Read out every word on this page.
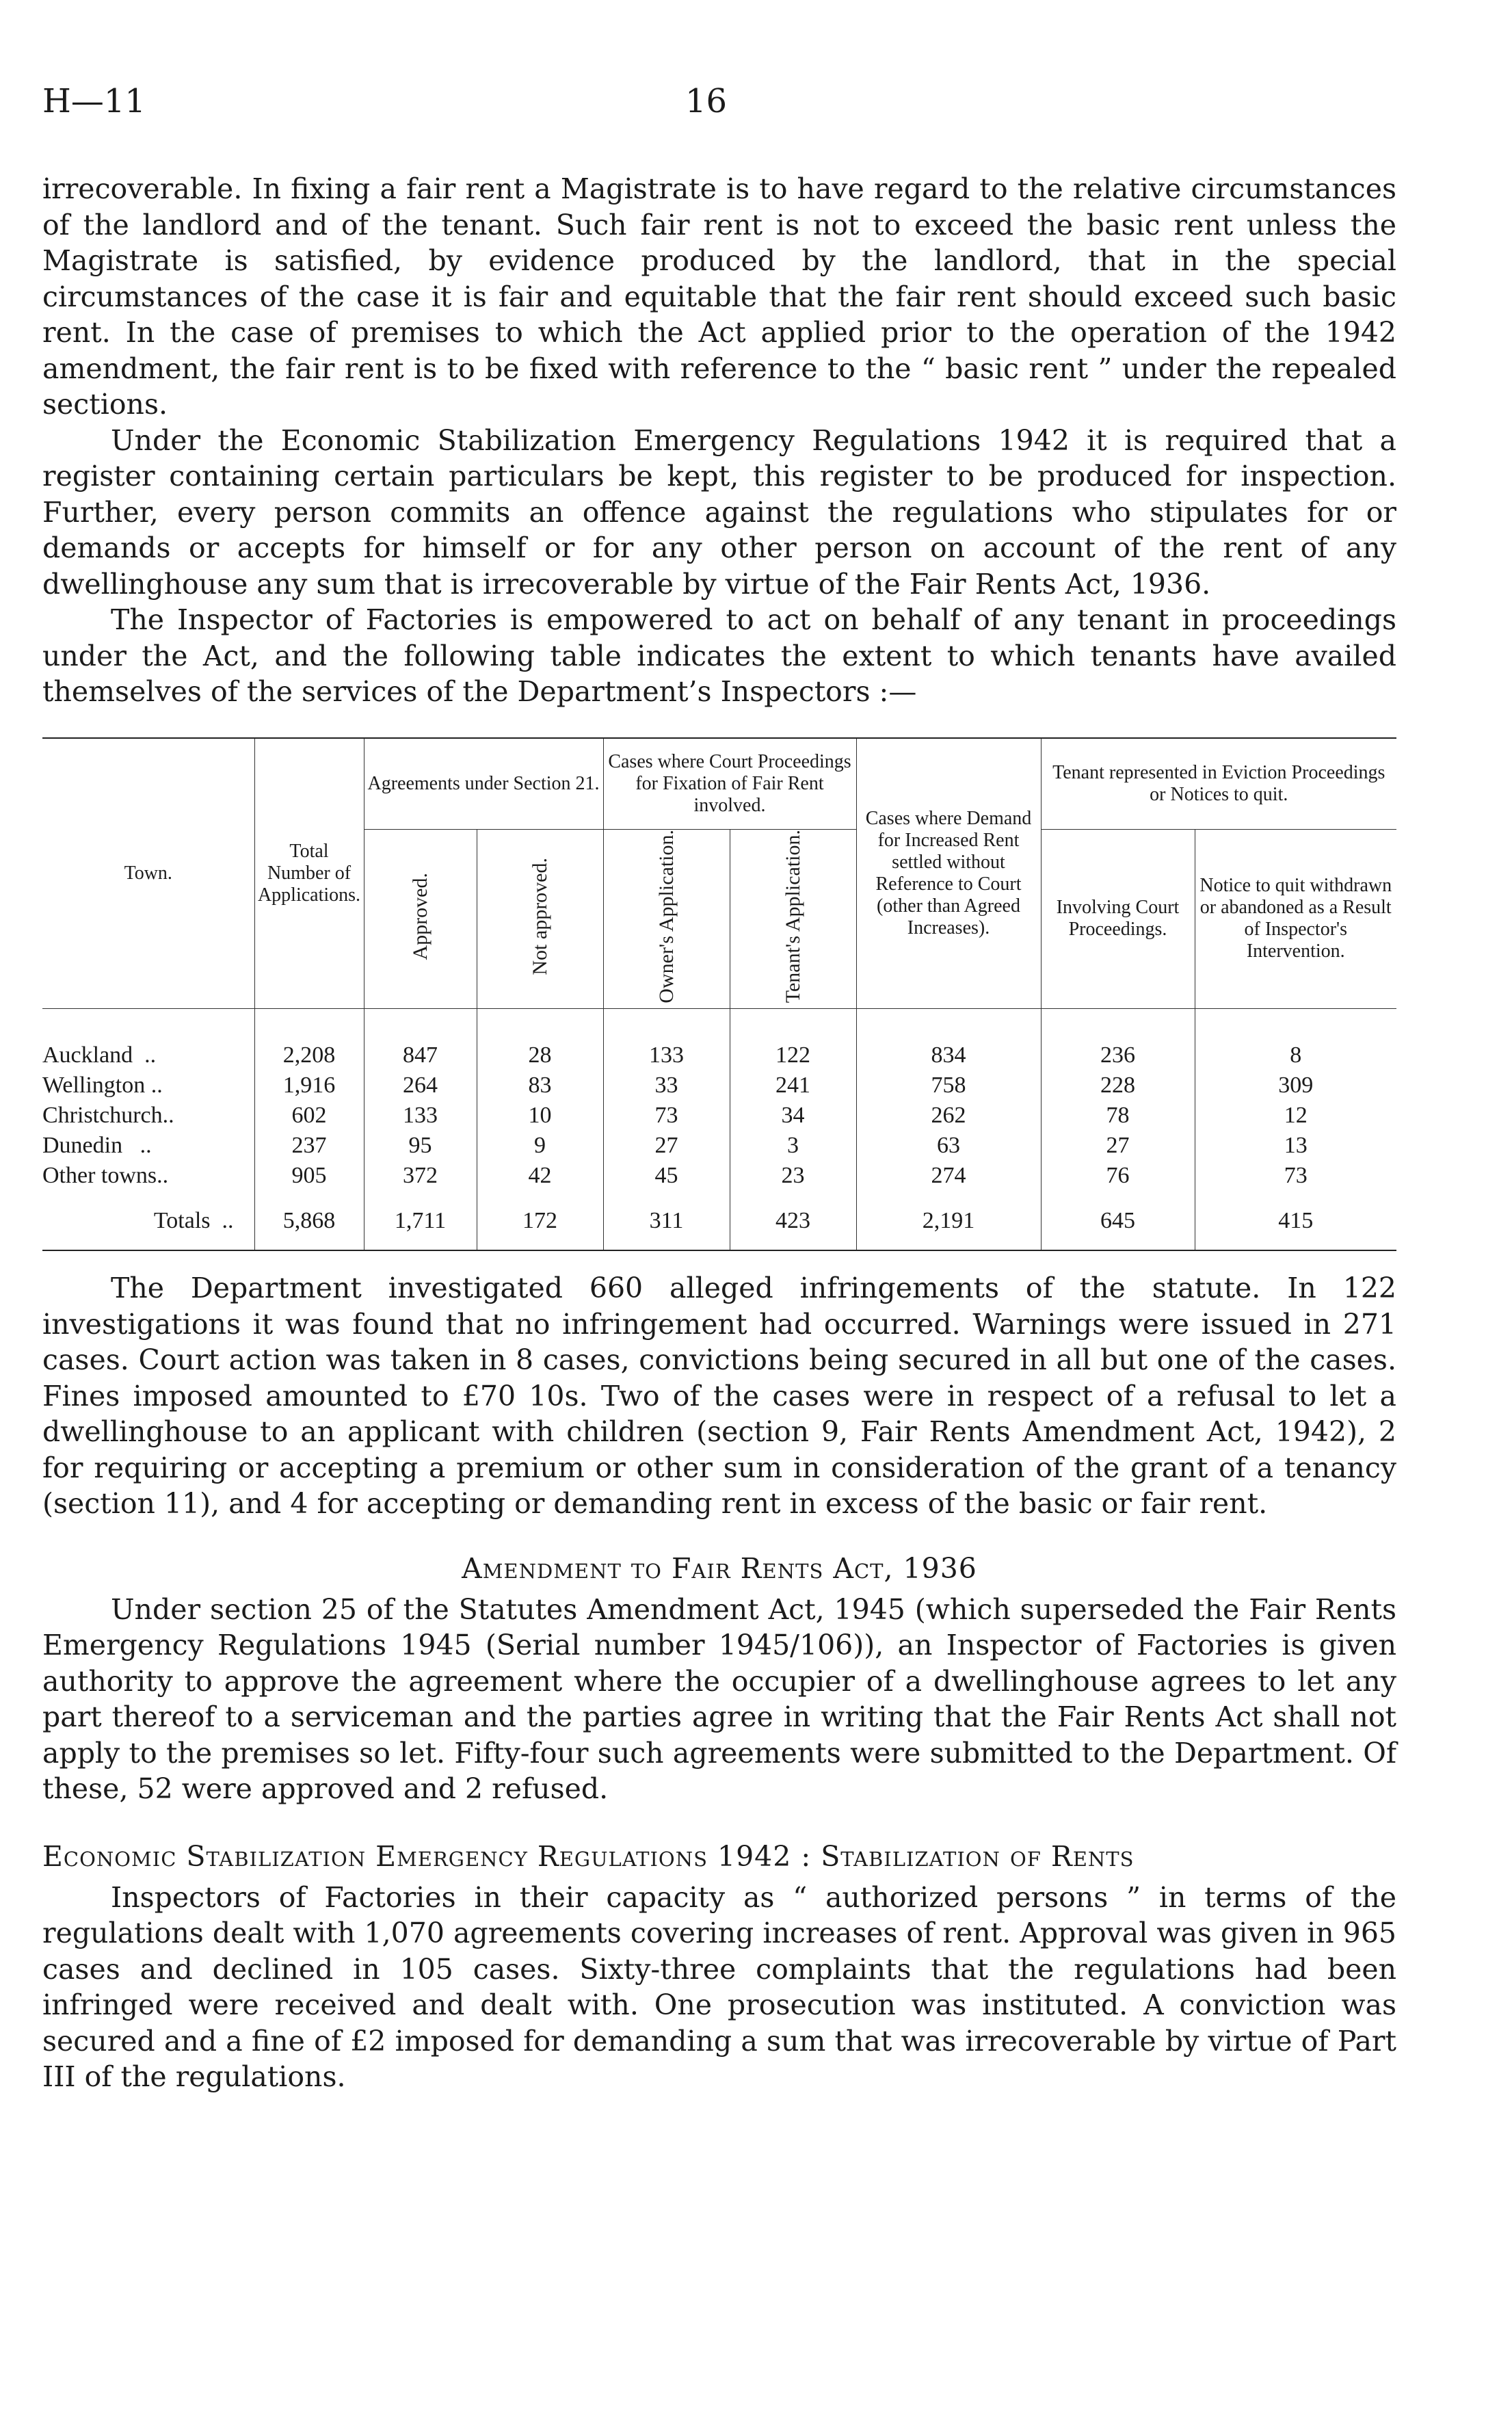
H—11	16

irrecoverable. In fixing a fair rent a Magistrate is to have regard to the relative circumstances of the landlord and of the tenant. Such fair rent is not to exceed the basic rent unless the Magistrate is satisfied, by evidence produced by the landlord, that in the special circumstances of the case it is fair and equitable that the fair rent should exceed such basic rent. In the case of premises to which the Act applied prior to the operation of the 1942 amendment, the fair rent is to be fixed with reference to the “ basic rent ” under the repealed sections.

Under the Economic Stabilization Emergency Regulations 1942 it is required that a register containing certain particulars be kept, this register to be produced for inspection. Further, every person commits an offence against the regulations who stipulates for or demands or accepts for himself or for any other person on account of the rent of any dwellinghouse any sum that is irrecoverable by virtue of the Fair Rents Act, 1936.

The Inspector of Factories is empowered to act on behalf of any tenant in proceedings under the Act, and the following table indicates the extent to which tenants have availed themselves of the services of the Department’s Inspectors :—

Town.	Total Number of Applications.	Agreements under Section 21.		Cases where Court Proceedings for Fixation of Fair Rent involved.		Cases where Demand for Increased Rent settled without Reference to Court (other than Agreed Increases).	Tenant represented in Eviction Proceedings or Notices to quit.	
		Approved.	Not approved.	Owner's Application.	Tenant's Application.		Involving Court Proceedings.	Notice to quit withdrawn or abandoned as a Result of Inspector's Intervention.

Auckland  ..	2,208	847	28	133	122	834	236	8
Wellington ..	1,916	264	83	33	241	758	228	309
Christchurch..	602	133	10	73	34	262	78	12
Dunedin   ..	237	95	9	27	3	63	27	13
Other towns..	905	372	42	45	23	274	76	73
Totals  ..	5,868	1,711	172	311	423	2,191	645	415

The Department investigated 660 alleged infringements of the statute. In 122 investigations it was found that no infringement had occurred. Warnings were issued in 271 cases. Court action was taken in 8 cases, convictions being secured in all but one of the cases. Fines imposed amounted to £70 10s. Two of the cases were in respect of a refusal to let a dwellinghouse to an applicant with children (section 9, Fair Rents Amendment Act, 1942), 2 for requiring or accepting a premium or other sum in consideration of the grant of a tenancy (section 11), and 4 for accepting or demanding rent in excess of the basic or fair rent.

Amendment to Fair Rents Act, 1936

Under section 25 of the Statutes Amendment Act, 1945 (which superseded the Fair Rents Emergency Regulations 1945 (Serial number 1945/106)), an Inspector of Factories is given authority to approve the agreement where the occupier of a dwellinghouse agrees to let any part thereof to a serviceman and the parties agree in writing that the Fair Rents Act shall not apply to the premises so let. Fifty-four such agreements were submitted to the Department. Of these, 52 were approved and 2 refused.

Economic Stabilization Emergency Regulations 1942 : Stabilization of Rents

Inspectors of Factories in their capacity as “ authorized persons ” in terms of the regulations dealt with 1,070 agreements covering increases of rent. Approval was given in 965 cases and declined in 105 cases. Sixty-three complaints that the regulations had been infringed were received and dealt with. One prosecution was instituted. A conviction was secured and a fine of £2 imposed for demanding a sum that was irrecoverable by virtue of Part III of the regulations.
